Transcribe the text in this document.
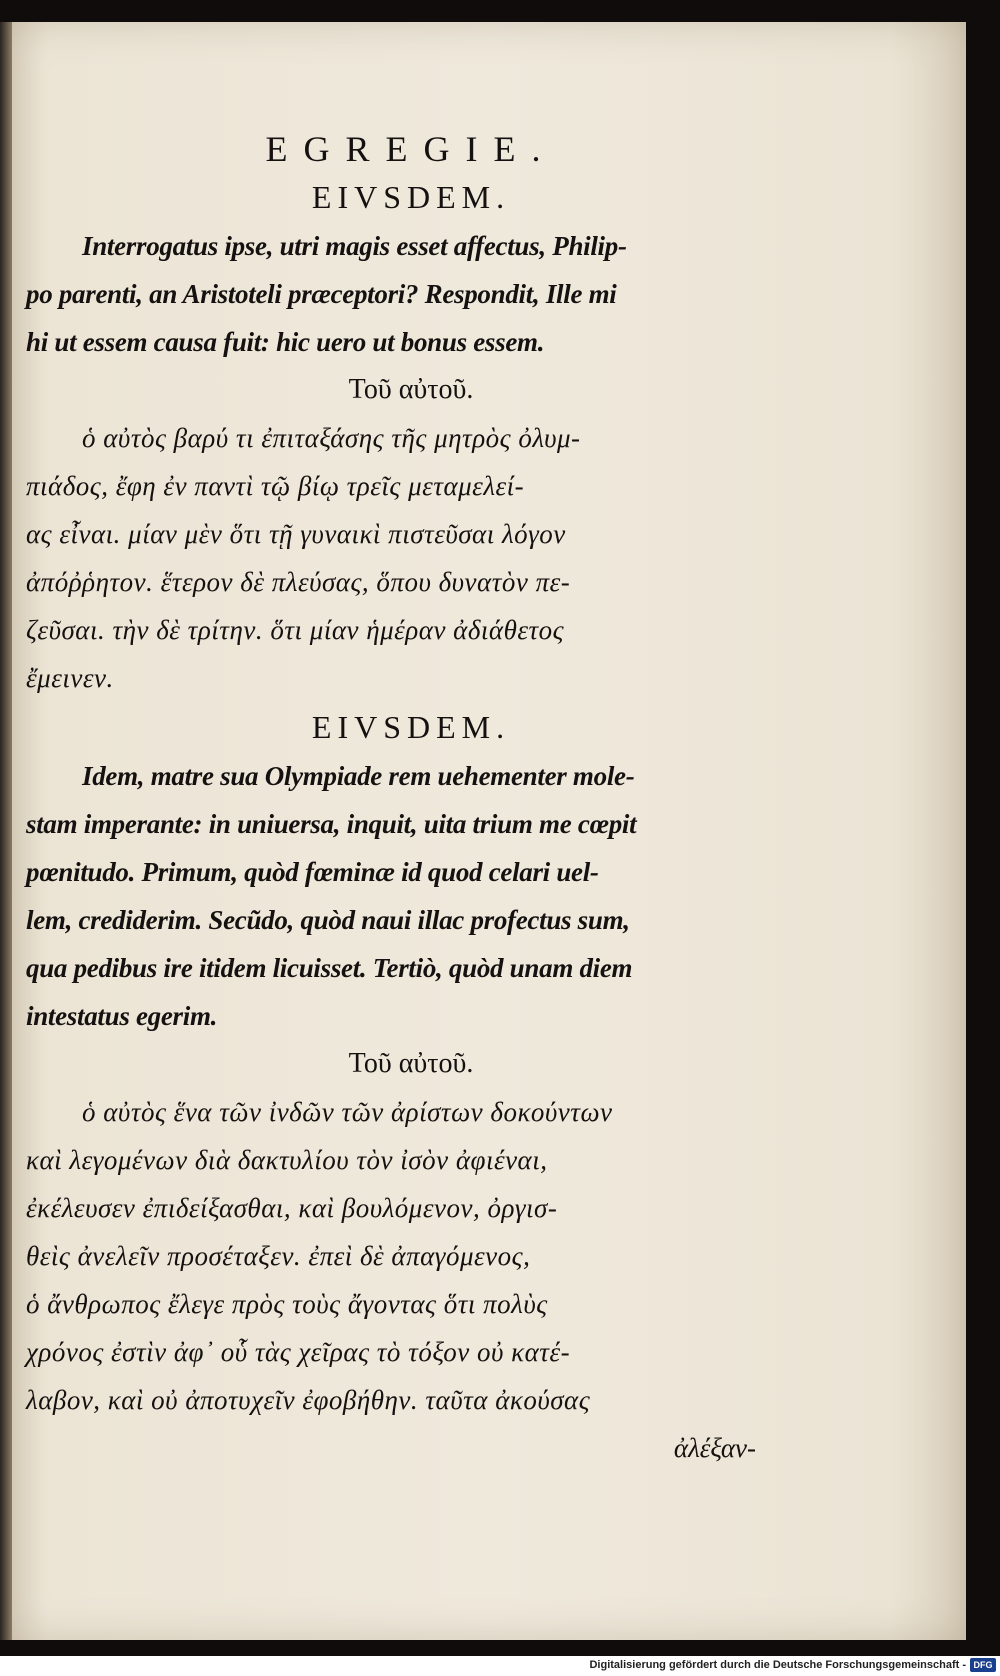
EGREGIE.
EIVSDEM.
Interrogatus ipse, utri magis esset affectus, Philip-
po parenti, an Aristoteli præceptori? Respondit, Ille mi
hi ut essem causa fuit: hic uero ut bonus essem.
Τοῦ αὐτοῦ.
ὁ αὐτὸς βαρύ τι ἐπιταξάσης τῆς μητρὸς ὀλυμ-
πιάδος, ἔφη ἐν παντὶ τῷ βίῳ τρεῖς μεταμελεί-
ας εἶναι. μίαν μὲν ὅτι τῇ γυναικὶ πιστεῦσαι λόγον
ἀπόῤῥητον. ἕτερον δὲ πλεύσας, ὅπου δυνατὸν πε-
ζεῦσαι. τὴν δὲ τρίτην. ὅτι μίαν ἡμέραν ἀδιάθετος
ἔμεινεν.
EIVSDEM.
Idem, matre sua Olympiade rem uehementer mole-
stam imperante: in uniuersa, inquit, uita trium me cœpit
pœnitudo. Primum, quòd fœminæ id quod celari uel-
lem, crediderim. Secũdo, quòd naui illac profectus sum,
qua pedibus ire itidem licuisset. Tertiò, quòd unam diem
intestatus egerim.
Τοῦ αὐτοῦ.
ὁ αὐτὸς ἕνα τῶν ἰνδῶν τῶν ἀρίστων δοκούντων
καὶ λεγομένων διὰ δακτυλίου τὸν ἰσὸν ἀφιέναι,
ἐκέλευσεν ἐπιδείξασθαι, καὶ βουλόμενον, ὀργισ-
θεὶς ἀνελεῖν προσέταξεν. ἐπεὶ δὲ ἀπαγόμενος,
ὁ ἄνθρωπος ἔλεγε πρὸς τοὺς ἄγοντας ὅτι πολὺς
χρόνος ἐστὶν ἀφ᾽ οὗ τὰς χεῖρας τὸ τόξον οὐ κατέ-
λαβον, καὶ οὐ ἀποτυχεῖν ἐφοβήθην. ταῦτα ἀκούσας
ἀλέξαν-
Digitalisierung gefördert durch die Deutsche Forschungsgemeinschaft - DFG
